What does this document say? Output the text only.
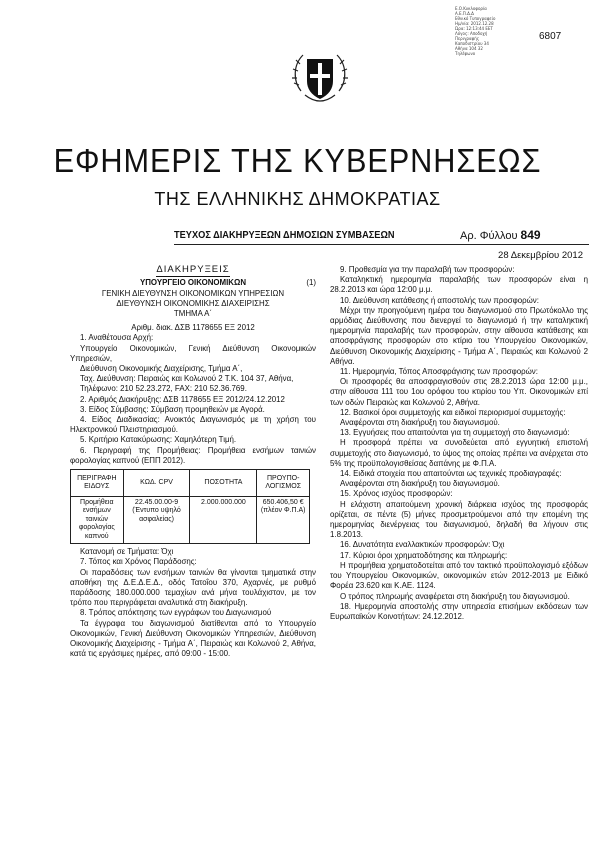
Ε.Ο.Κυκλοφορία
Α.Ε.Π.Δ.Δ
Εθνικό Τυπογραφείο
Ημ/νία: 2012.12.28
Ώρα: 12:13:44 EET
Λόγος: Αποδοχή
Περιγραφής
Καποδιστρίου 34
Αθήνα 104 32
Τηλέφωνο
6807
ΕΦΗΜΕΡΙΣ ΤΗΣ ΚΥΒΕΡΝΗΣΕΩΣ
ΤΗΣ ΕΛΛΗΝΙΚΗΣ ΔΗΜΟΚΡΑΤΙΑΣ
ΤΕΥΧΟΣ ΔΙΑΚΗΡΥΞΕΩΝ ΔΗΜΟΣΙΩΝ ΣΥΜΒΑΣΕΩΝ	Αρ. Φύλλου 849
28 Δεκεμβρίου 2012
ΔΙΑΚΗΡΥΞΕΙΣ

(1)

ΥΠΟΥΡΓΕΙΟ ΟΙΚΟΝΟΜΙΚΩΝ

ΓΕΝΙΚΗ ΔΙΕΥΘΥΝΣΗ ΟΙΚΟΝΟΜΙΚΩΝ ΥΠΗΡΕΣΙΩΝ

ΔΙΕΥΘΥΝΣΗ ΟΙΚΟΝΟΜΙΚΗΣ ΔΙΑΧΕΙΡΙΣΗΣ

ΤΜΗΜΑ Α΄

Αριθμ. διακ. ΔΣΒ 1178655 ΕΞ 2012

1. Αναθέτουσα Αρχή:

Υπουργείο Οικονομικών, Γενική Διεύθυνση Οικονομικών Υπηρεσιών,

Διεύθυνση Οικονομικής Διαχείρισης, Τμήμα Α΄,

Ταχ. Διεύθυνση: Πειραιώς και Κολωνού 2 Τ.Κ. 104 37, Αθήνα,

Τηλέφωνο: 210 52.23.272, FAX: 210 52.36.769.

2. Αριθμός Διακήρυξης: ΔΣΒ 1178655 ΕΞ 2012/24.12.2012

3. Είδος Σύμβασης: Σύμβαση προμηθειών με Αγορά.

4. Είδος Διαδικασίας: Ανοικτός Διαγωνισμός με τη χρήση του Ηλεκτρονικού Πλειστηριασμού.

5. Κριτήριο Κατακύρωσης: Χαμηλότερη Τιμή.

6. Περιγραφή της Προμήθειας: Προμήθεια ενσήμων ταινιών φορολογίας καπνού (ΕΠΠ 2012).

ΠΕΡΙΓΡΑΦΗ ΕΙΔΟΥΣ	ΚΩΔ. CPV	ΠΟΣΟΤΗΤΑ	ΠΡΟΥΠΟ-ΛΟΓΙΣΜΟΣ
Προμήθεια ενσήμων ταινιών φορολογίας καπνού	22.45.00.00-9 (Έντυπο υψηλό ασφαλείας)	2.000.000.000	650.406,50 € (πλέον Φ.Π.Α)

Κατανομή σε Τμήματα: Όχι

7. Τόπος και Χρόνος Παράδοσης:

Οι παραδόσεις των ενσήμων ταινιών θα γίνονται τμηματικά στην αποθήκη της Δ.Ε.Δ.Ε.Δ., οδός Τατοΐου 370, Αχαρνές, με ρυθμό παράδοσης 180.000.000 τεμαχίων ανά μήνα τουλάχιστον, με τον τρόπο που περιγράφεται αναλυτικά στη διακήρυξη.

8. Τρόπος απόκτησης των εγγράφων του Διαγωνισμού

Τα έγγραφα του διαγωνισμού διατίθενται από το Υπουργείο Οικονομικών, Γενική Διεύθυνση Οικονομικών Υπηρεσιών, Διεύθυνση Οικονομικής Διαχείρισης - Τμήμα Α΄, Πειραιώς και Κολωνού 2, Αθήνα, κατά τις εργάσιμες ημέρες, από 09:00 - 15:00.

9. Προθεσμία για την παραλαβή των προσφορών:

Καταληκτική ημερομηνία παραλαβής των προσφορών είναι η 28.2.2013 και ώρα 12:00 μ.μ.

10. Διεύθυνση κατάθεσης ή αποστολής των προσφορών:

Μέχρι την προηγούμενη ημέρα του διαγωνισμού στο Πρωτόκολλο της αρμόδιας Διεύθυνσης που διενεργεί το διαγωνισμό ή την καταληκτική ημερομηνία παραλαβής των προσφορών, στην αίθουσα κατάθεσης και αποσφράγισης προσφορών στο κτίριο του Υπουργείου Οικονομικών, Διεύθυνση Οικονομικής Διαχείρισης - Τμήμα Α΄, Πειραιώς και Κολωνού 2 Αθήνα.

11. Ημερομηνία, Τόπος Αποσφράγισης των προσφορών:

Οι προσφορές θα αποσφραγισθούν στις 28.2.2013 ώρα 12:00 μ.μ., στην αίθουσα 111 του 1ου ορόφου του κτιρίου του Υπ. Οικονομικών επί των οδών Πειραιώς και Κολωνού 2, Αθήνα.

12. Βασικοί όροι συμμετοχής και ειδικοί περιορισμοί συμμετοχής:

Αναφέρονται στη διακήρυξη του διαγωνισμού.

13. Εγγυήσεις που απαιτούνται για τη συμμετοχή στο διαγωνισμό:

Η προσφορά πρέπει να συνοδεύεται από εγγυητική επιστολή συμμετοχής στο διαγωνισμό, το ύψος της οποίας πρέπει να ανέρχεται στο 5% της προϋπολογισθείσας δαπάνης με Φ.Π.Α.

14. Ειδικά στοιχεία που απαιτούνται ως τεχνικές προδιαγραφές:

Αναφέρονται στη διακήρυξη του διαγωνισμού.

15. Χρόνος ισχύος προσφορών:

Η ελάχιστη απαιτούμενη χρονική διάρκεια ισχύος της προσφοράς ορίζεται, σε πέντε (5) μήνες προσμετρούμενοι από την επομένη της ημερομηνίας διενέργειας του διαγωνισμού, δηλαδή θα λήγουν στις 1.8.2013.

16. Δυνατότητα εναλλακτικών προσφορών: Όχι

17. Κύριοι όροι χρηματοδότησης και πληρωμής:

Η προμήθεια χρηματοδοτείται από τον τακτικό προϋπολογισμό εξόδων του Υπουργείου Οικονομικών, οικονομικών ετών 2012-2013 με Ειδικό Φορέα 23.620 και Κ.ΑΕ. 1124.

Ο τρόπος πληρωμής αναφέρεται στη διακήρυξη του διαγωνισμού.

18. Ημερομηνία αποστολής στην υπηρεσία επισήμων εκδόσεων των Ευρωπαϊκών Κοινοτήτων: 24.12.2012.
